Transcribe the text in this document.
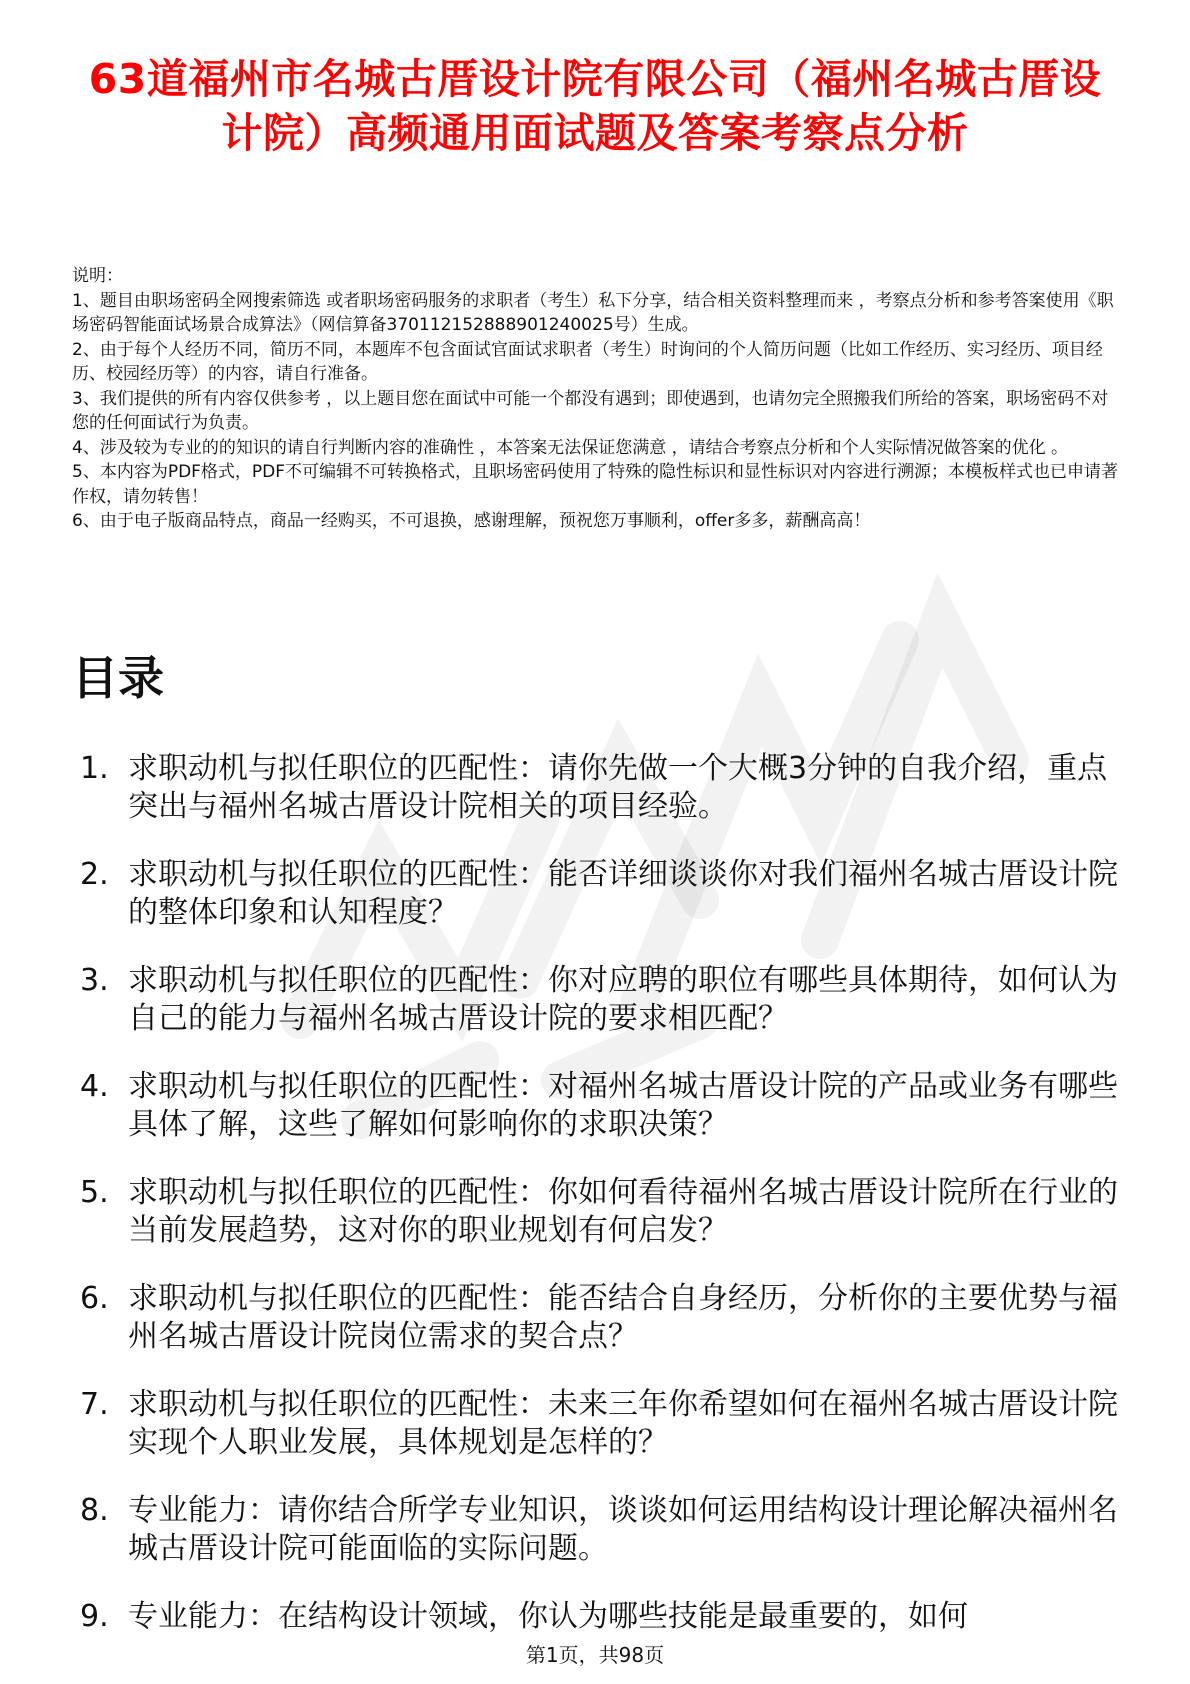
63道福州市名城古厝设计院有限公司（福州名城古厝设计院）高频通用面试题及答案考察点分析

说明：

1、题目由职场密码全网搜索筛选 或者职场密码服务的求职者（考生）私下分享，结合相关资料整理而来 ，考察点分析和参考答案使用《职场密码智能面试场景合成算法》（网信算备370112152888901240025号）生成。

2、由于每个人经历不同，简历不同，本题库不包含面试官面试求职者（考生）时询问的个人简历问题（比如工作经历、实习经历、项目经历、校园经历等）的内容，请自行准备。

3、我们提供的所有内容仅供参考 ，以上题目您在面试中可能一个都没有遇到；即使遇到，也请勿完全照搬我们所给的答案，职场密码不对您的任何面试行为负责。

4、涉及较为专业的的知识的请自行判断内容的准确性 ，本答案无法保证您满意 ，请结合考察点分析和个人实际情况做答案的优化 。

5、本内容为PDF格式，PDF不可编辑不可转换格式，且职场密码使用了特殊的隐性标识和显性标识对内容进行溯源；本模板样式也已申请著作权，请勿转售！

6、由于电子版商品特点，商品一经购买，不可退换，感谢理解，预祝您万事顺利，offer多多，薪酬高高！

目录
1. 求职动机与拟任职位的匹配性：请你先做一个大概3分钟的自我介绍，重点突出与福州名城古厝设计院相关的项目经验。
2. 求职动机与拟任职位的匹配性：能否详细谈谈你对我们福州名城古厝设计院的整体印象和认知程度？
3. 求职动机与拟任职位的匹配性：你对应聘的职位有哪些具体期待，如何认为自己的能力与福州名城古厝设计院的要求相匹配？
4. 求职动机与拟任职位的匹配性：对福州名城古厝设计院的产品或业务有哪些具体了解，这些了解如何影响你的求职决策？
5. 求职动机与拟任职位的匹配性：你如何看待福州名城古厝设计院所在行业的当前发展趋势，这对你的职业规划有何启发？
6. 求职动机与拟任职位的匹配性：能否结合自身经历，分析你的主要优势与福州名城古厝设计院岗位需求的契合点？
7. 求职动机与拟任职位的匹配性：未来三年你希望如何在福州名城古厝设计院实现个人职业发展，具体规划是怎样的？
8. 专业能力：请你结合所学专业知识，谈谈如何运用结构设计理论解决福州名城古厝设计院可能面临的实际问题。
9. 专业能力：在结构设计领域，你认为哪些技能是最重要的，如何
第1页，共98页
